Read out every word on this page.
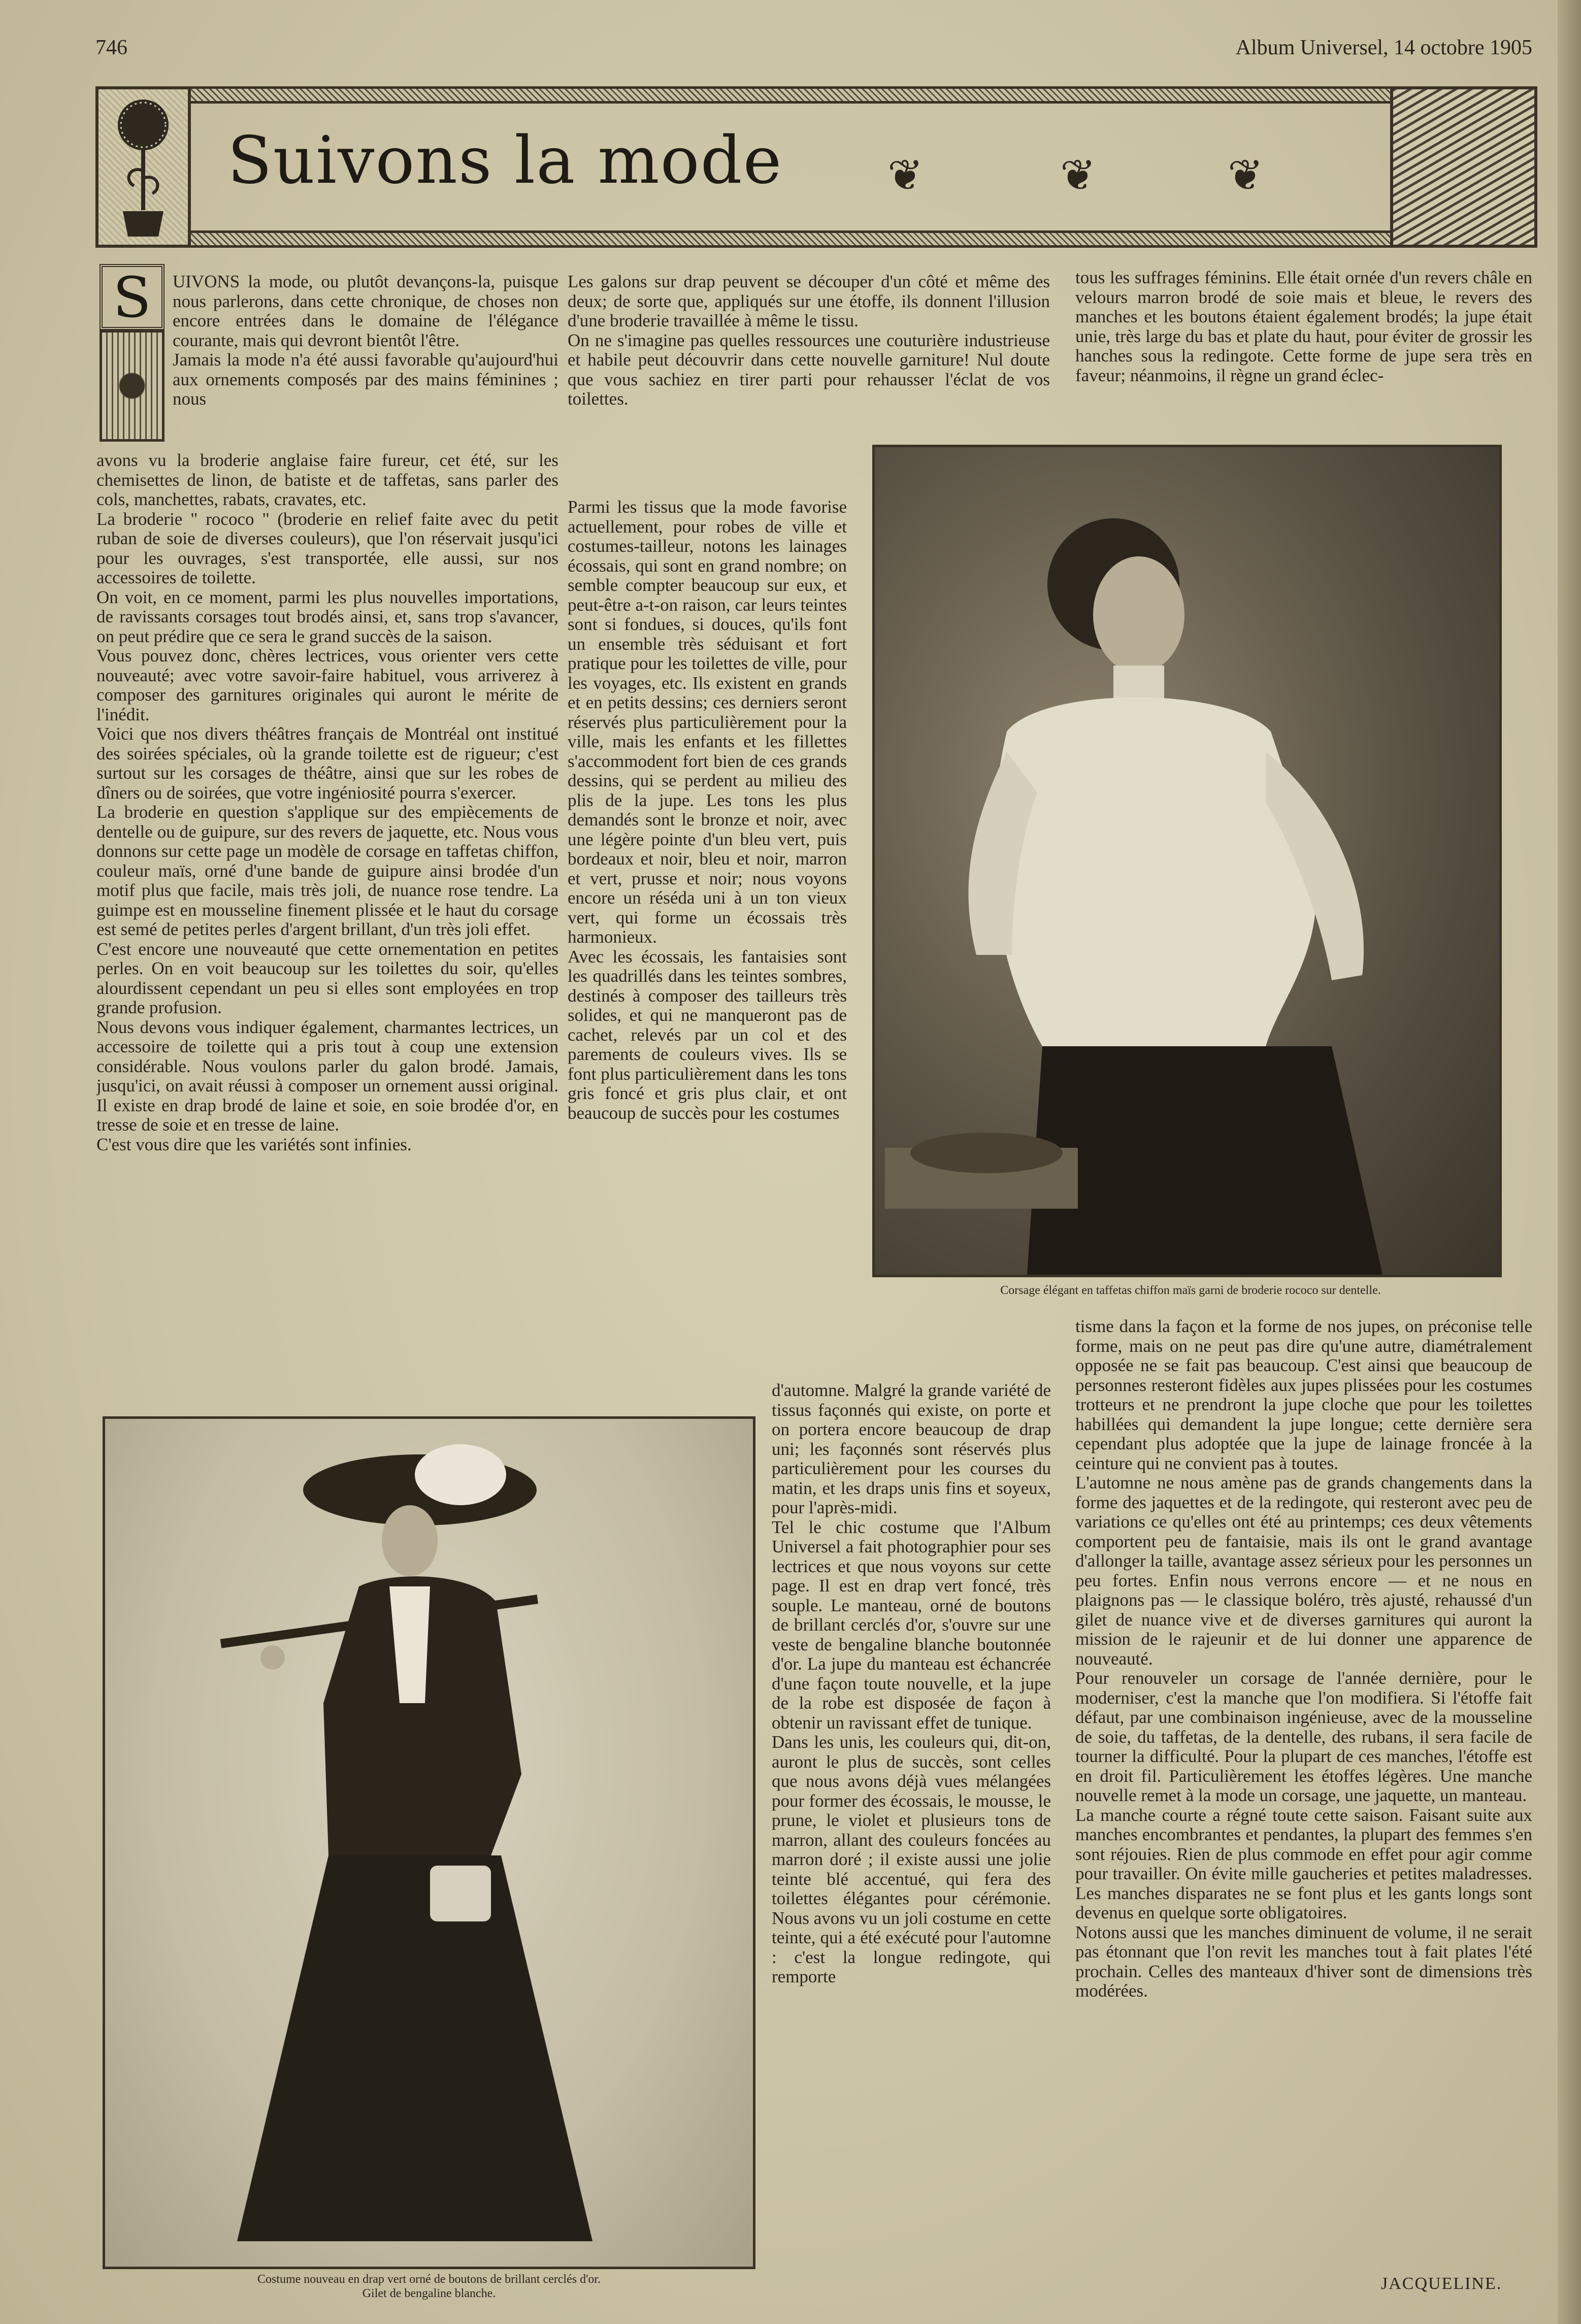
746	Album Universel, 14 octobre 1905
Suivons la mode ❦	❦	❦
S	UIVONS la mode, ou plutôt devançons-la, puisque nous parlerons, dans cette chronique, de choses non encore entrées dans le domaine de l'élégance courante, mais qui devront bientôt l'être.
Jamais la mode n'a été aussi favorable qu'aujourd'hui aux ornements composés par des mains féminines ; nous
avons vu la broderie anglaise faire fureur, cet été, sur les chemisettes de linon, de batiste et de taffetas, sans parler des cols, manchettes, rabats, cravates, etc.
La broderie " rococo " (broderie en relief faite avec du petit ruban de soie de diverses couleurs), que l'on réservait jusqu'ici pour les ouvrages, s'est transportée, elle aussi, sur nos accessoires de toilette.
On voit, en ce moment, parmi les plus nouvelles importations, de ravissants corsages tout brodés ainsi, et, sans trop s'avancer, on peut prédire que ce sera le grand succès de la saison.
Vous pouvez donc, chères lectrices, vous orienter vers cette nouveauté; avec votre savoir-faire habituel, vous arriverez à composer des garnitures originales qui auront le mérite de l'inédit.
Voici que nos divers théâtres français de Montréal ont institué des soirées spéciales, où la grande toilette est de rigueur; c'est surtout sur les corsages de théâtre, ainsi que sur les robes de dîners ou de soirées, que votre ingéniosité pourra s'exercer.
La broderie en question s'applique sur des empiècements de dentelle ou de guipure, sur des revers de jaquette, etc. Nous vous donnons sur cette page un modèle de corsage en taffetas chiffon, couleur maïs, orné d'une bande de guipure ainsi brodée d'un motif plus que facile, mais très joli, de nuance rose tendre. La guimpe est en mousseline finement plissée et le haut du corsage est semé de petites perles d'argent brillant, d'un très joli effet.
C'est encore une nouveauté que cette ornementation en petites perles. On en voit beaucoup sur les toilettes du soir, qu'elles alourdissent cependant un peu si elles sont employées en trop grande profusion.
Nous devons vous indiquer également, charmantes lectrices, un accessoire de toilette qui a pris tout à coup une extension considérable. Nous voulons parler du galon brodé. Jamais, jusqu'ici, on avait réussi à composer un ornement aussi original. Il existe en drap brodé de laine et soie, en soie brodée d'or, en tresse de soie et en tresse de laine.
C'est vous dire que les variétés sont infinies.
Les galons sur drap peuvent se découper d'un côté et même des deux; de sorte que, appliqués sur une étoffe, ils donnent l'illusion d'une broderie travaillée à même le tissu.
On ne s'imagine pas quelles ressources une couturière industrieuse et habile peut découvrir dans cette nouvelle garniture! Nul doute que vous sachiez en tirer parti pour rehausser l'éclat de vos toilettes.
Parmi les tissus que la mode favorise actuellement, pour robes de ville et costumes-tailleur, notons les lainages écossais, qui sont en grand nombre; on semble compter beaucoup sur eux, et peut-être a-t-on raison, car leurs teintes sont si fondues, si douces, qu'ils font un ensemble très séduisant et fort pratique pour les toilettes de ville, pour les voyages, etc. Ils existent en grands et en petits dessins; ces derniers seront réservés plus particulièrement pour la ville, mais les enfants et les fillettes s'accommodent fort bien de ces grands dessins, qui se perdent au milieu des plis de la jupe. Les tons les plus demandés sont le bronze et noir, avec une légère pointe d'un bleu vert, puis bordeaux et noir, bleu et noir, marron et vert, prusse et noir; nous voyons encore un réséda uni à un ton vieux vert, qui forme un écossais très harmonieux.
Avec les écossais, les fantaisies sont les quadrillés dans les teintes sombres, destinés à composer des tailleurs très solides, et qui ne manqueront pas de cachet, relevés par un col et des parements de couleurs vives. Ils se font plus particulièrement dans les tons gris foncé et gris plus clair, et ont beaucoup de succès pour les costumes
d'automne. Malgré la grande variété de tissus façonnés qui existe, on porte et on portera encore beaucoup de drap uni; les façonnés sont réservés plus particulièrement pour les courses du matin, et les draps unis fins et soyeux, pour l'après-midi.
Tel le chic costume que l'Album Universel a fait photographier pour ses lectrices et que nous voyons sur cette page. Il est en drap vert foncé, très souple. Le manteau, orné de boutons de brillant cerclés d'or, s'ouvre sur une veste de bengaline blanche boutonnée d'or. La jupe du manteau est échancrée d'une façon toute nouvelle, et la jupe de la robe est disposée de façon à obtenir un ravissant effet de tunique.
Dans les unis, les couleurs qui, dit-on, auront le plus de succès, sont celles que nous avons déjà vues mélangées pour former des écossais, le mousse, le prune, le violet et plusieurs tons de marron, allant des couleurs foncées au marron doré ; il existe aussi une jolie teinte blé accentué, qui fera des toilettes élégantes pour cérémonie. Nous avons vu un joli costume en cette teinte, qui a été exécuté pour l'automne : c'est la longue redingote, qui remporte
tous les suffrages féminins. Elle était ornée d'un revers châle en velours marron brodé de soie mais et bleue, le revers des manches et les boutons étaient également brodés; la jupe était unie, très large du bas et plate du haut, pour éviter de grossir les hanches sous la redingote. Cette forme de jupe sera très en faveur; néanmoins, il règne un grand éclec-
tisme dans la façon et la forme de nos jupes, on préconise telle forme, mais on ne peut pas dire qu'une autre, diamétralement opposée ne se fait pas beaucoup. C'est ainsi que beaucoup de personnes resteront fidèles aux jupes plissées pour les costumes trotteurs et ne prendront la jupe cloche que pour les toilettes habillées qui demandent la jupe longue; cette dernière sera cependant plus adoptée que la jupe de lainage froncée à la ceinture qui ne convient pas à toutes.
L'automne ne nous amène pas de grands changements dans la forme des jaquettes et de la redingote, qui resteront avec peu de variations ce qu'elles ont été au printemps; ces deux vêtements comportent peu de fantaisie, mais ils ont le grand avantage d'allonger la taille, avantage assez sérieux pour les personnes un peu fortes. Enfin nous verrons encore — et ne nous en plaignons pas — le classique boléro, très ajusté, rehaussé d'un gilet de nuance vive et de diverses garnitures qui auront la mission de le rajeunir et de lui donner une apparence de nouveauté.
Pour renouveler un corsage de l'année dernière, pour le moderniser, c'est la manche que l'on modifiera. Si l'étoffe fait défaut, par une combinaison ingénieuse, avec de la mousseline de soie, du taffetas, de la dentelle, des rubans, il sera facile de tourner la difficulté. Pour la plupart de ces manches, l'étoffe est en droit fil. Particulièrement les étoffes légères. Une manche nouvelle remet à la mode un corsage, une jaquette, un manteau.
La manche courte a régné toute cette saison. Faisant suite aux manches encombrantes et pendantes, la plupart des femmes s'en sont réjouies. Rien de plus commode en effet pour agir comme pour travailler. On évite mille gaucheries et petites maladresses. Les manches disparates ne se font plus et les gants longs sont devenus en quelque sorte obligatoires.
Notons aussi que les manches diminuent de volume, il ne serait pas étonnant que l'on revit les manches tout à fait plates l'été prochain. Celles des manteaux d'hiver sont de dimensions très modérées.
JACQUELINE.
Corsage élégant en taffetas chiffon maïs garni de broderie rococo sur dentelle.
Costume nouveau en drap vert orné de boutons de brillant cerclés d'or.
Gilet de bengaline blanche.
